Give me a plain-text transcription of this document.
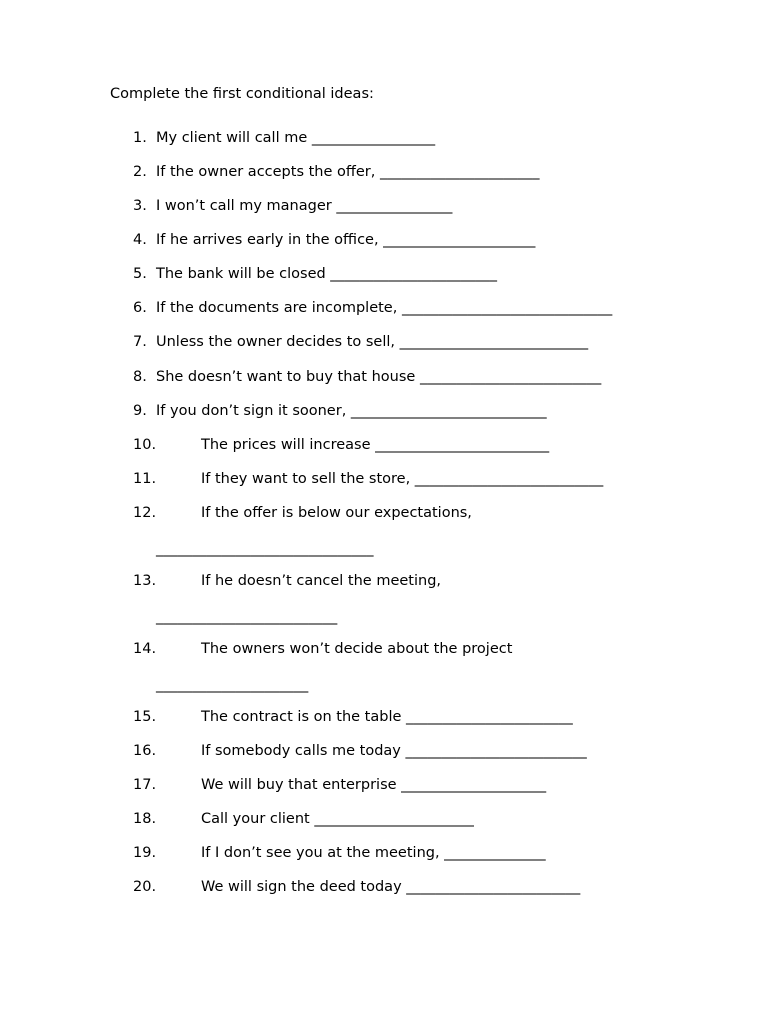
Complete the first conditional ideas:
1. My client will call me _________________
2. If the owner accepts the offer, ______________________
3. I won’t call my manager ________________
4. If he arrives early in the office, _____________________
5. The bank will be closed _______________________
6. If the documents are incomplete, _____________________________
7. Unless the owner decides to sell, __________________________
8. She doesn’t want to buy that house _________________________
9. If you don’t sign it sooner, ___________________________
10.	The prices will increase ________________________
11.	If they want to sell the store, __________________________
12.	If the offer is below our expectations,
______________________________
13.	If he doesn’t cancel the meeting,
_________________________
14.	The owners won’t decide about the project
_____________________
15.	The contract is on the table _______________________
16.	If somebody calls me today _________________________
17.	We will buy that enterprise ____________________
18.	Call your client ______________________
19.	If I don’t see you at the meeting, ______________
20.	We will sign the deed today ________________________
